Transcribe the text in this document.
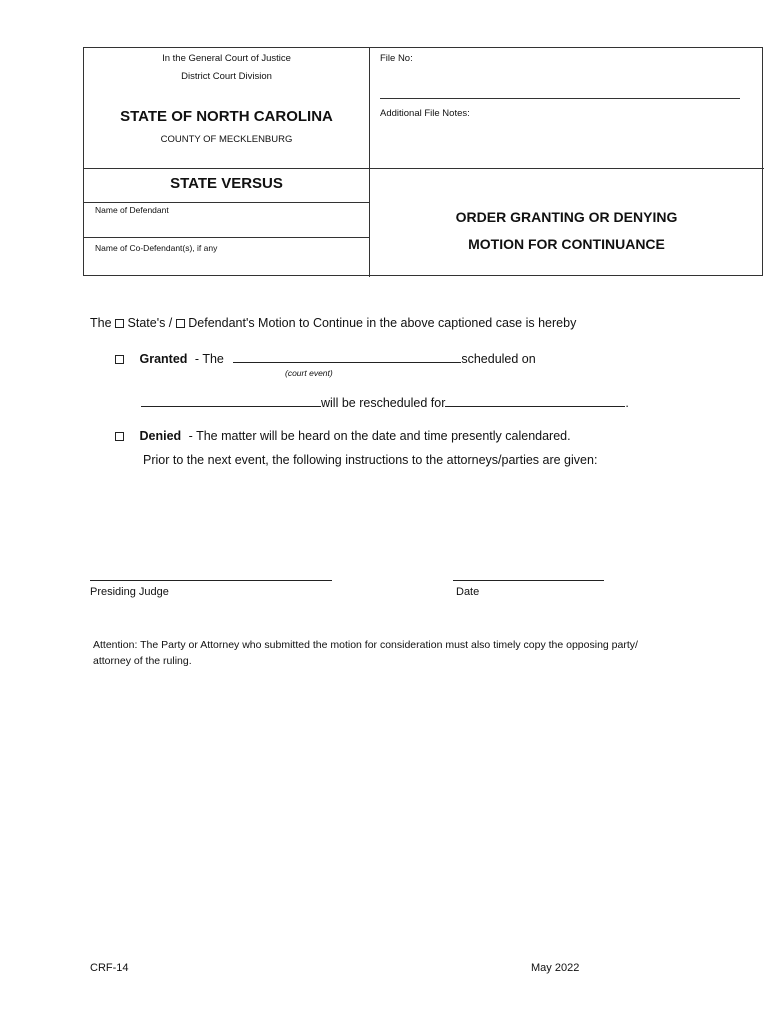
In the General Court of Justice
District Court Division
STATE OF NORTH CAROLINA
COUNTY OF MECKLENBURG
File No:
Additional File Notes:
STATE VERSUS
Name of Defendant
Name of Co-Defendant(s), if any
ORDER GRANTING OR DENYING
MOTION FOR CONTINUANCE
The State's / Defendant's Motion to Continue in the above captioned case is hereby
Granted - The	scheduled on
(court event)
will be rescheduled for	.
Denied - The matter will be heard on the date and time presently calendared.
Prior to the next event, the following instructions to the attorneys/parties are given:
Presiding Judge	Date
Attention: The Party or Attorney who submitted the motion for consideration must also timely copy the opposing party/
attorney of the ruling.
CRF-14	May 2022
